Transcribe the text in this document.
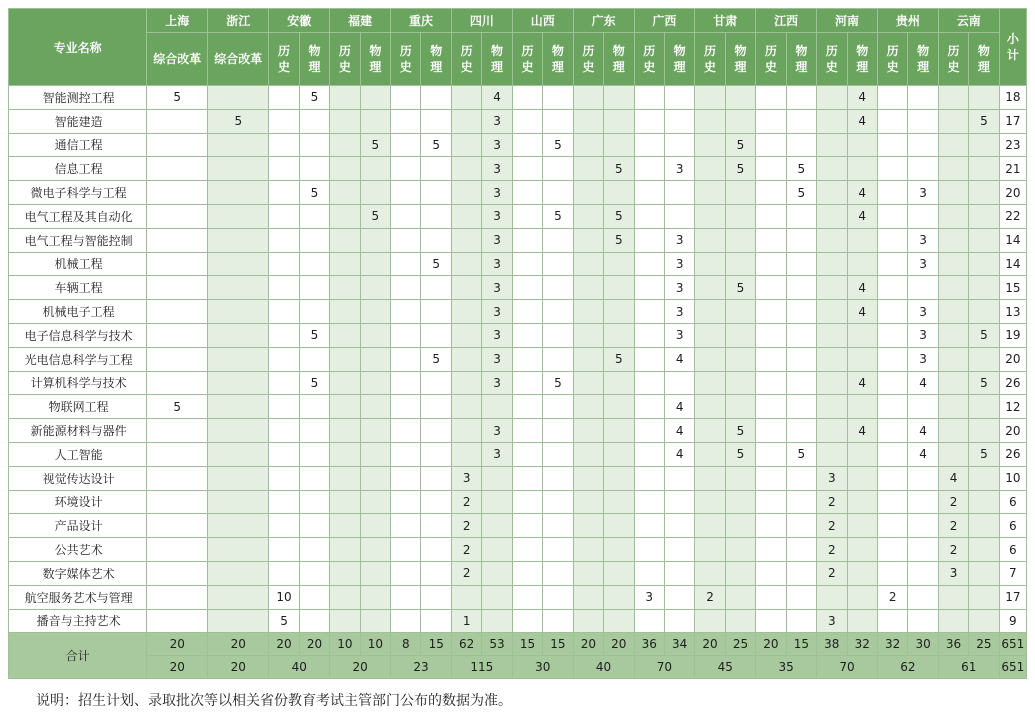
专业名称	上海	浙江	安徽		福建		重庆		四川		山西		广东		广西		甘肃		江西		河南		贵州		云南		小计
	综合改革	综合改革	历史	物理	历史	物理	历史	物理	历史	物理	历史	物理	历史	物理	历史	物理	历史	物理	历史	物理	历史	物理	历史	物理	历史	物理	
智能测控工程	5			5						4												4					18
智能建造		5								3												4				5	17
通信工程						5		5		3		5						5									23
信息工程										3				5		3		5		5							21
微电子科学与工程				5						3										5		4		3			20
电气工程及其自动化						5				3		5		5								4					22
电气工程与智能控制										3				5		3								3			14
机械工程								5		3						3								3			14
车辆工程										3						3		5				4					15
机械电子工程										3						3						4		3			13
电子信息科学与技术				5						3						3								3		5	19
光电信息科学与工程								5		3				5		4								3			20
计算机科学与技术				5						3		5										4		4		5	26
物联网工程	5															4											12
新能源材料与器件										3						4		5				4		4			20
人工智能										3						4		5		5				4		5	26
视觉传达设计									3												3				4		10
环境设计									2												2				2		6
产品设计									2												2				2		6
公共艺术									2												2				2		6
数字媒体艺术									2												2				3		7
航空服务艺术与管理			10												3		2						2				17
播音与主持艺术			5						1												3						9
合计	20	20	20	20	10	10	8	15	62	53	15	15	20	20	36	34	20	25	20	15	38	32	32	30	36	25	651
	20	20	40		20		23		115		30		40		70		45		35		70		62		61		651
说明：招生计划、录取批次等以相关省份教育考试主管部门公布的数据为准。
